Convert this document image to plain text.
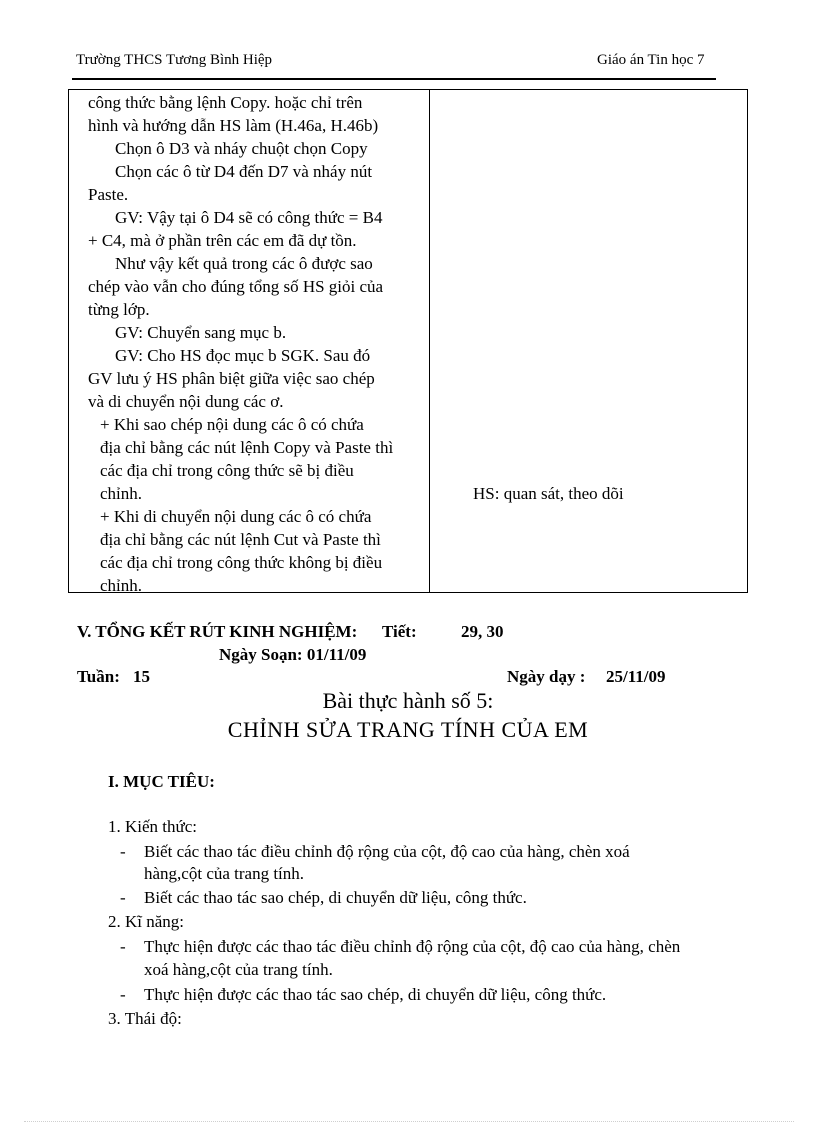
Trường THCS Tương Bình Hiệp	Giáo án Tin học 7
công thức bằng lệnh Copy. hoặc chỉ trên
hình và hướng dẫn HS làm (H.46a, H.46b)
Chọn ô D3 và nháy chuột chọn Copy
Chọn các ô từ D4 đến D7 và nháy nút
Paste.
GV: Vậy tại ô D4 sẽ có công thức = B4
+ C4, mà ở phần trên các em đã dự tồn.
Như vậy kết quả trong các ô được sao
chép vào vẫn cho đúng tổng số HS giỏi của
từng lớp.
GV: Chuyển sang mục b.
GV: Cho HS đọc mục b SGK. Sau đó
GV lưu ý HS phân biệt giữa việc sao chép
và di chuyển nội dung các ơ.
+ Khi sao chép nội dung các ô có chứa
địa chỉ bằng các nút lệnh Copy và Paste thì
các địa chỉ trong công thức sẽ bị điều
chỉnh.
+ Khi di chuyển nội dung các ô có chứa
địa chỉ bằng các nút lệnh Cut và Paste thì
các địa chỉ trong công thức không bị điều
chỉnh.
HS: quan sát, theo dõi
V. TỔNG KẾT RÚT KINH NGHIỆM: Tiết:	29, 30
Ngày Soạn: 01/11/09
Tuần: 15	Ngày dạy : 25/11/09
Bài thực hành số 5:
CHỈNH SỬA TRANG TÍNH CỦA EM
I. MỤC TIÊU:
1. Kiến thức:
- Biết các thao tác điều chỉnh độ rộng của cột, độ cao của hàng, chèn xoá
hàng,cột của trang tính.
- Biết các thao tác sao chép, di chuyển dữ liệu, công thức.
2. Kĩ năng:
- Thực hiện được các thao tác điều chỉnh độ rộng của cột, độ cao của hàng, chèn
xoá hàng,cột của trang tính.
- Thực hiện được các thao tác sao chép, di chuyển dữ liệu, công thức.
3. Thái độ:
